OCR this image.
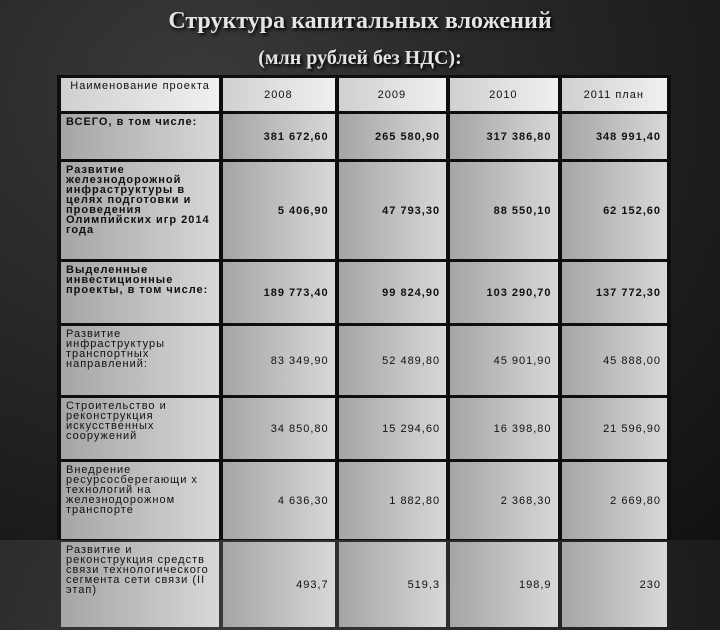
Структура капитальных вложений
(млн рублей без НДС):
Наименование проекта	2008	2009	2010	2011 план
ВСЕГО, в том числе:	381 672,60	265 580,90	317 386,80	348 991,40
Развитие железнодорожной инфраструктуры в целях подготовки и проведения Олимпийских игр 2014 года	5 406,90	47 793,30	88 550,10	62 152,60
Выделенные инвестиционные проекты, в том числе:	189 773,40	99 824,90	103 290,70	137 772,30
Развитие инфраструктуры транспортных направлений:	83 349,90	52 489,80	45 901,90	45 888,00
Строительство и реконструкция искусственных сооружений	34 850,80	15 294,60	16 398,80	21 596,90
Внедрение ресурсосберегающи х технологий на железнодорожном транспорте	4 636,30	1 882,80	2 368,30	2 669,80
Развитие и реконструкция средств связи технологического сегмента сети связи (II этап)	493,7	519,3	198,9	230
